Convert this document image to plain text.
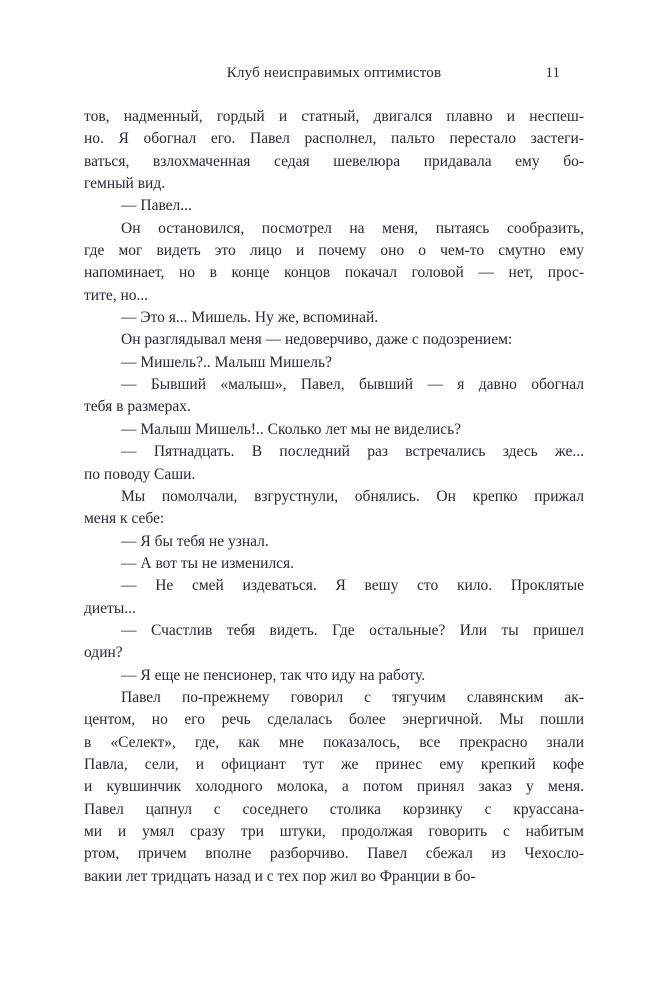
Клуб неисправимых оптимистов	11
тов, надменный, гордый и статный, двигался плавно и неспеш-
но. Я обогнал его. Павел располнел, пальто перестало застеги-
ваться, взлохмаченная седая шевелюра придавала ему бо-
гемный вид.
— Павел...
Он остановился, посмотрел на меня, пытаясь сообразить,
где мог видеть это лицо и почему оно о чем-то смутно ему
напоминает, но в конце концов покачал головой — нет, прос-
тите, но...
— Это я... Мишель. Ну же, вспоминай.
Он разглядывал меня — недоверчиво, даже с подозрением:
— Мишель?.. Малыш Мишель?
— Бывший «малыш», Павел, бывший — я давно обогнал
тебя в размерах.
— Малыш Мишель!.. Сколько лет мы не виделись?
— Пятнадцать. В последний раз встречались здесь же...
по поводу Саши.
Мы помолчали, взгрустнули, обнялись. Он крепко прижал
меня к себе:
— Я бы тебя не узнал.
— А вот ты не изменился.
— Не смей издеваться. Я вешу сто кило. Проклятые
диеты...
— Счастлив тебя видеть. Где остальные? Или ты пришел
один?
— Я еще не пенсионер, так что иду на работу.
Павел по-прежнему говорил с тягучим славянским ак-
центом, но его речь сделалась более энергичной. Мы пошли
в «Селект», где, как мне показалось, все прекрасно знали
Павла, сели, и официант тут же принес ему крепкий кофе
и кувшинчик холодного молока, а потом принял заказ у меня.
Павел цапнул с соседнего столика корзинку с круассана-
ми и умял сразу три штуки, продолжая говорить с набитым
ртом, причем вполне разборчиво. Павел сбежал из Чехосло-
вакии лет тридцать назад и с тех пор жил во Франции в бо-
